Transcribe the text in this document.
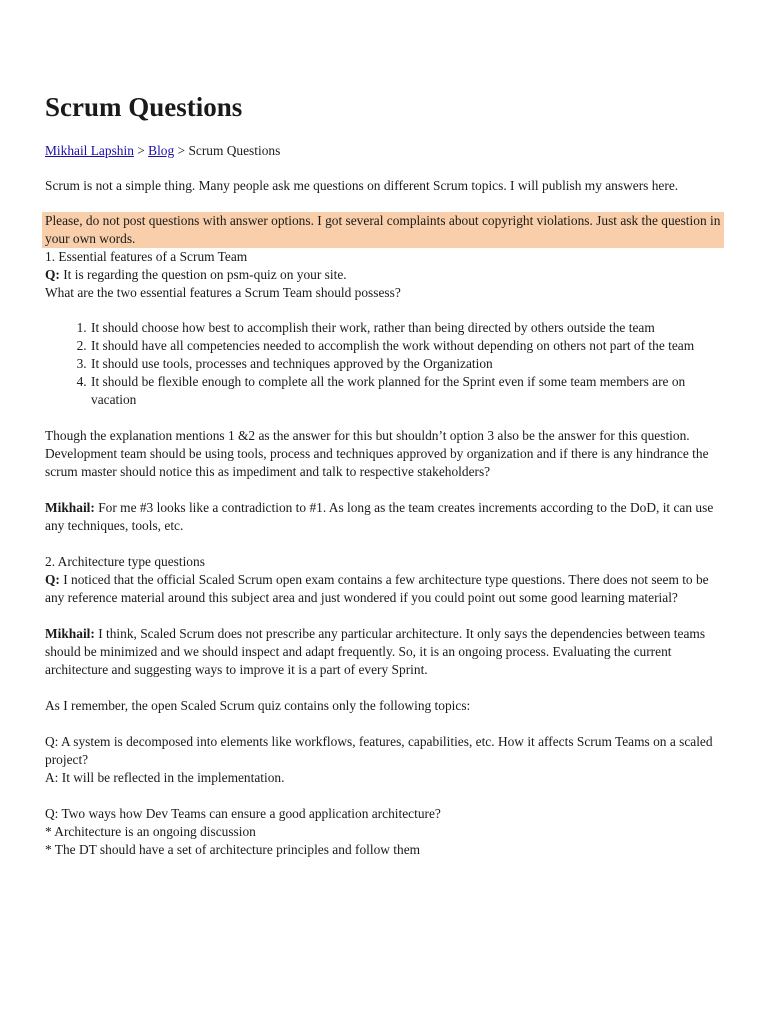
Scrum Questions
Mikhail Lapshin > Blog > Scrum Questions

Scrum is not a simple thing. Many people ask me questions on different Scrum topics. I will publish my answers here.

Please, do not post questions with answer options. I got several complaints about copyright violations. Just ask the question in your own words.

1. Essential features of a Scrum Team

Q: It is regarding the question on psm-quiz on your site.

What are the two essential features a Scrum Team should possess?

1. It should choose how best to accomplish their work, rather than being directed by others outside the team
2. It should have all competencies needed to accomplish the work without depending on others not part of the team
3. It should use tools, processes and techniques approved by the Organization
4. It should be flexible enough to complete all the work planned for the Sprint even if some team members are on vacation

Though the explanation mentions 1 &2 as the answer for this but shouldn’t option 3 also be the answer for this question. Development team should be using tools, process and techniques approved by organization and if there is any hindrance the scrum master should notice this as impediment and talk to respective stakeholders?

Mikhail: For me #3 looks like a contradiction to #1. As long as the team creates increments according to the DoD, it can use any techniques, tools, etc.

2. Architecture type questions

Q: I noticed that the official Scaled Scrum open exam contains a few architecture type questions. There does not seem to be any reference material around this subject area and just wondered if you could point out some good learning material?

Mikhail: I think, Scaled Scrum does not prescribe any particular architecture. It only says the dependencies between teams should be minimized and we should inspect and adapt frequently. So, it is an ongoing process. Evaluating the current architecture and suggesting ways to improve it is a part of every Sprint.

As I remember, the open Scaled Scrum quiz contains only the following topics:

Q: A system is decomposed into elements like workflows, features, capabilities, etc. How it affects Scrum Teams on a scaled project?

A: It will be reflected in the implementation.

Q: Two ways how Dev Teams can ensure a good application architecture?

* Architecture is an ongoing discussion

* The DT should have a set of architecture principles and follow them
